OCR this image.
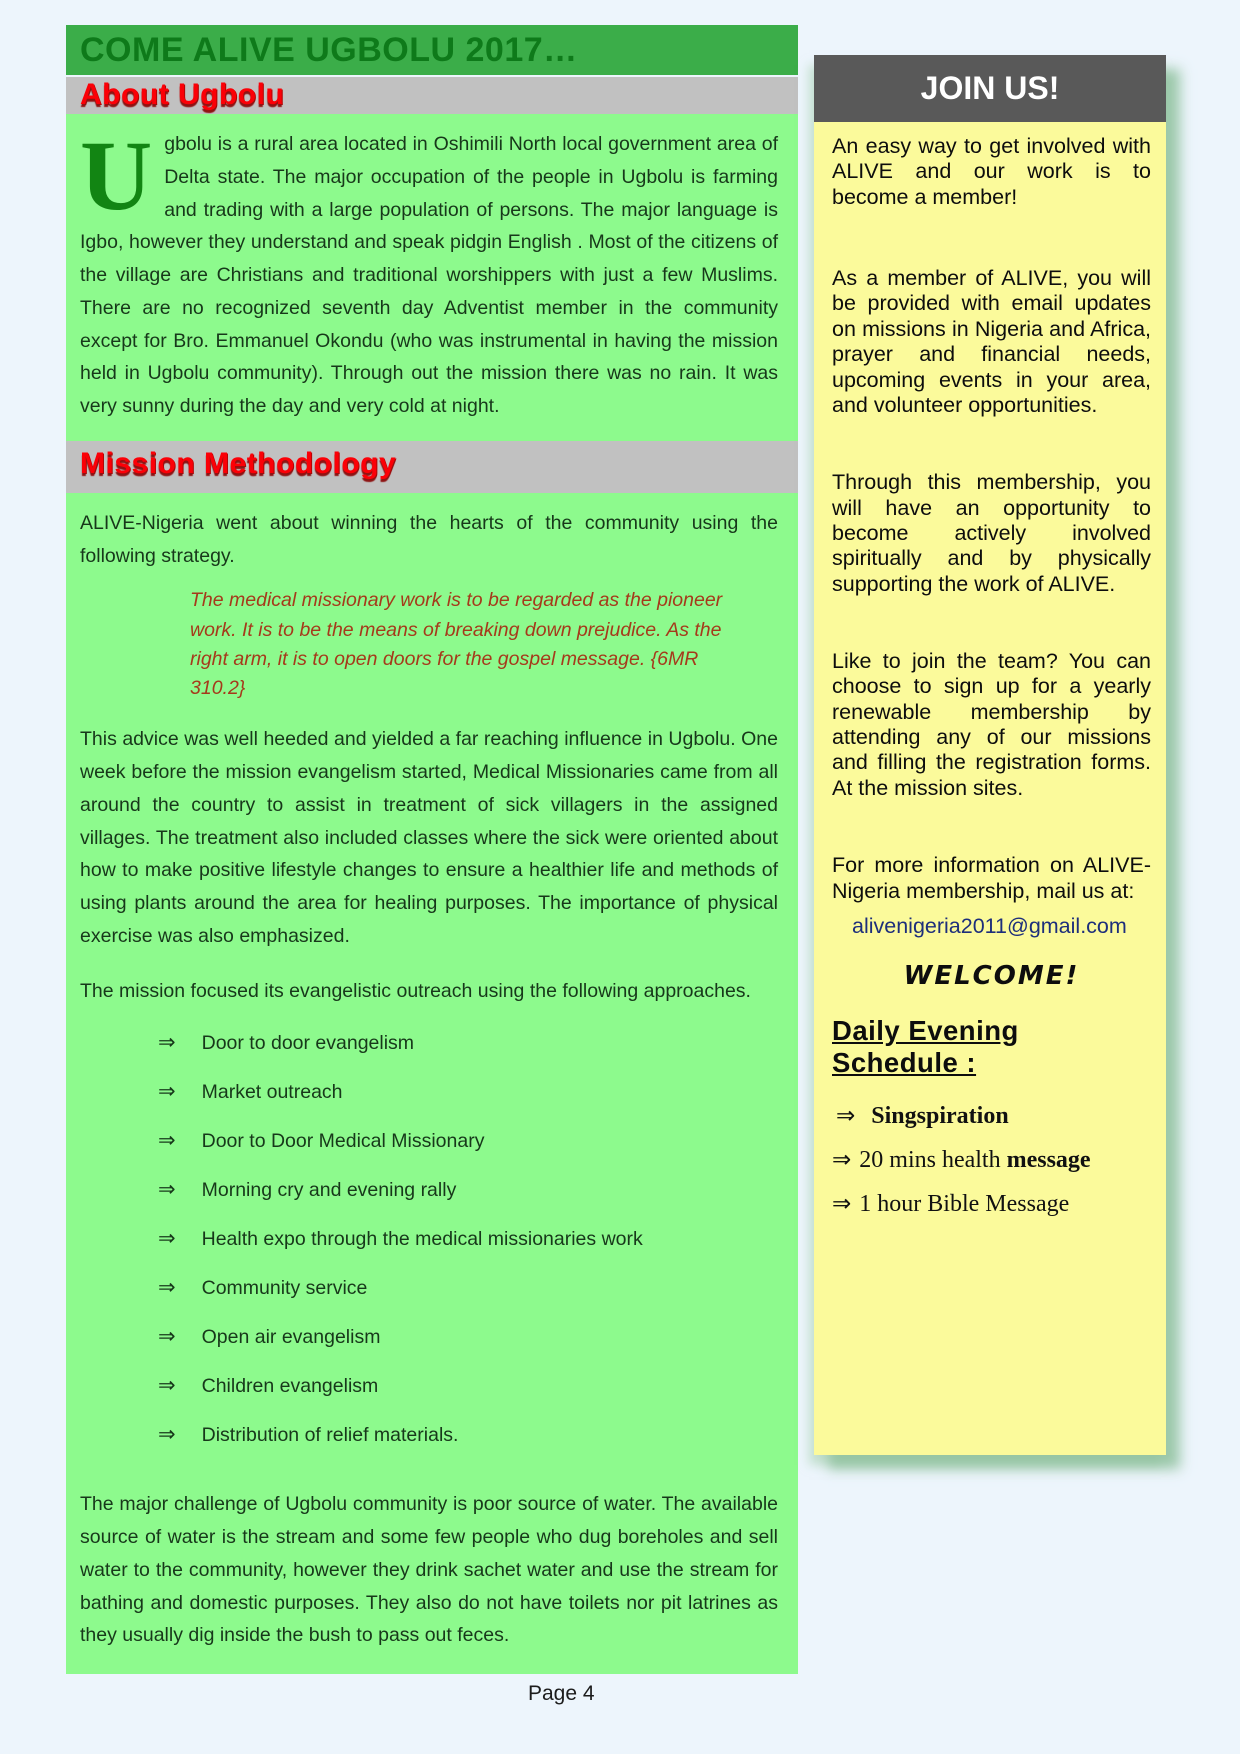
COME ALIVE UGBOLU 2017…
About Ugbolu

Ugbolu is a rural area located in Oshimili North local government area of Delta state. The major occupation of the people in Ugbolu is farming and trading with a large population of persons. The major language is Igbo, however they understand and speak pidgin English . Most of the citizens of the village are Christians and traditional worshippers with just a few Muslims. There are no recognized seventh day Adventist member in the community except for Bro. Emmanuel Okondu (who was instrumental in having the mission held in Ugbolu community). Through out the mission there was no rain. It was very sunny during the day and very cold at night.

Mission Methodology

ALIVE-Nigeria went about winning the hearts of the community using the following strategy.

The medical missionary work is to be regarded as the pioneer work. It is to be the means of breaking down prejudice. As the right arm, it is to open doors for the gospel message. {6MR 310.2}

This advice was well heeded and yielded a far reaching influence in Ugbolu. One week before the mission evangelism started, Medical Missionaries came from all around the country to assist in treatment of sick villagers in the assigned villages. The treatment also included classes where the sick were oriented about how to make positive lifestyle changes to ensure a healthier life and methods of using plants around the area for healing purposes. The importance of physical exercise was also emphasized.

The mission focused its evangelistic outreach using the following approaches.

⇒ Door to door evangelism
⇒ Market outreach
⇒ Door to Door Medical Missionary
⇒ Morning cry and evening rally
⇒ Health expo through the medical missionaries work
⇒ Community service
⇒ Open air evangelism
⇒ Children evangelism
⇒ Distribution of relief materials.

The major challenge of Ugbolu community is poor source of water. The available source of water is the stream and some few people who dug boreholes and sell water to the community, however they drink sachet water and use the stream for bathing and domestic purposes. They also do not have toilets nor pit latrines as they usually dig inside the bush to pass out feces.

JOIN US!

An easy way to get involved with ALIVE and our work is to become a member!

As a member of ALIVE, you will be provided with email updates on missions in Nigeria and Africa, prayer and financial needs, upcoming events in your area, and volunteer opportunities.

Through this membership, you will have an opportunity to become actively involved spiritually and by physically supporting the work of ALIVE.

Like to join the team? You can choose to sign up for a yearly renewable membership by attending any of our missions and filling the registration forms. At the mission sites.

For more information on ALIVE-Nigeria membership, mail us at:

alivenigeria2011@gmail.com
WELCOME!
Daily Evening Schedule :
⇒ Singspiration
⇒ 20 mins health message
⇒ 1 hour Bible Message
Page 4
